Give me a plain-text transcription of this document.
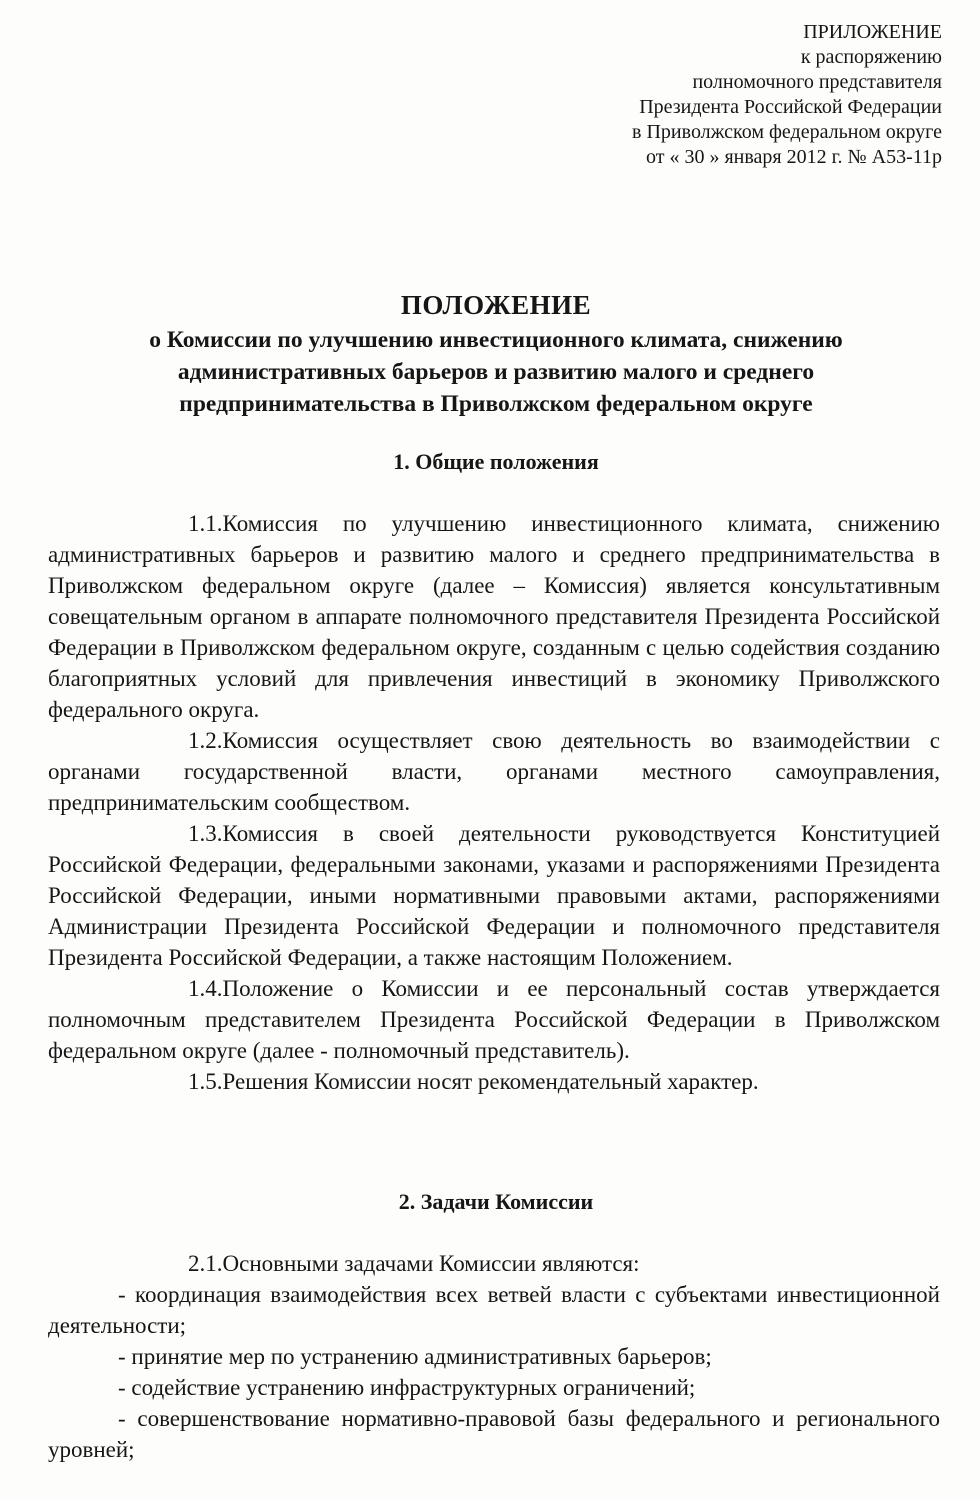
ПРИЛОЖЕНИЕ
к распоряжению
полномочного представителя
Президента Российской Федерации
в Приволжском федеральном округе
от « 30 » января 2012 г. № А53-11р
ПОЛОЖЕНИЕ
о Комиссии по улучшению инвестиционного климата, снижению административных барьеров и развитию малого и среднего предпринимательства в Приволжском федеральном округе
1. Общие положения

1.1.Комиссия по улучшению инвестиционного климата, снижению административных барьеров и развитию малого и среднего предпринимательства в Приволжском федеральном округе (далее – Комиссия) является консультативным совещательным органом в аппарате полномочного представителя Президента Российской Федерации в Приволжском федеральном округе, созданным с целью содействия созданию благоприятных условий для привлечения инвестиций в экономику Приволжского федерального округа.

1.2.Комиссия осуществляет свою деятельность во взаимодействии с органами государственной власти, органами местного самоуправления, предпринимательским сообществом.

1.3.Комиссия в своей деятельности руководствуется Конституцией Российской Федерации, федеральными законами, указами и распоряжениями Президента Российской Федерации, иными нормативными правовыми актами, распоряжениями Администрации Президента Российской Федерации и полномочного представителя Президента Российской Федерации, а также настоящим Положением.

1.4.Положение о Комиссии и ее персональный состав утверждается полномочным представителем Президента Российской Федерации в Приволжском федеральном округе (далее - полномочный представитель).

1.5.Решения Комиссии носят рекомендательный характер.

2. Задачи Комиссии

2.1.Основными задачами Комиссии являются:

- координация взаимодействия всех ветвей власти с субъектами инвестиционной деятельности;

- принятие мер по устранению административных барьеров;

- содействие устранению инфраструктурных ограничений;

- совершенствование нормативно-правовой базы федерального и регионального уровней;
